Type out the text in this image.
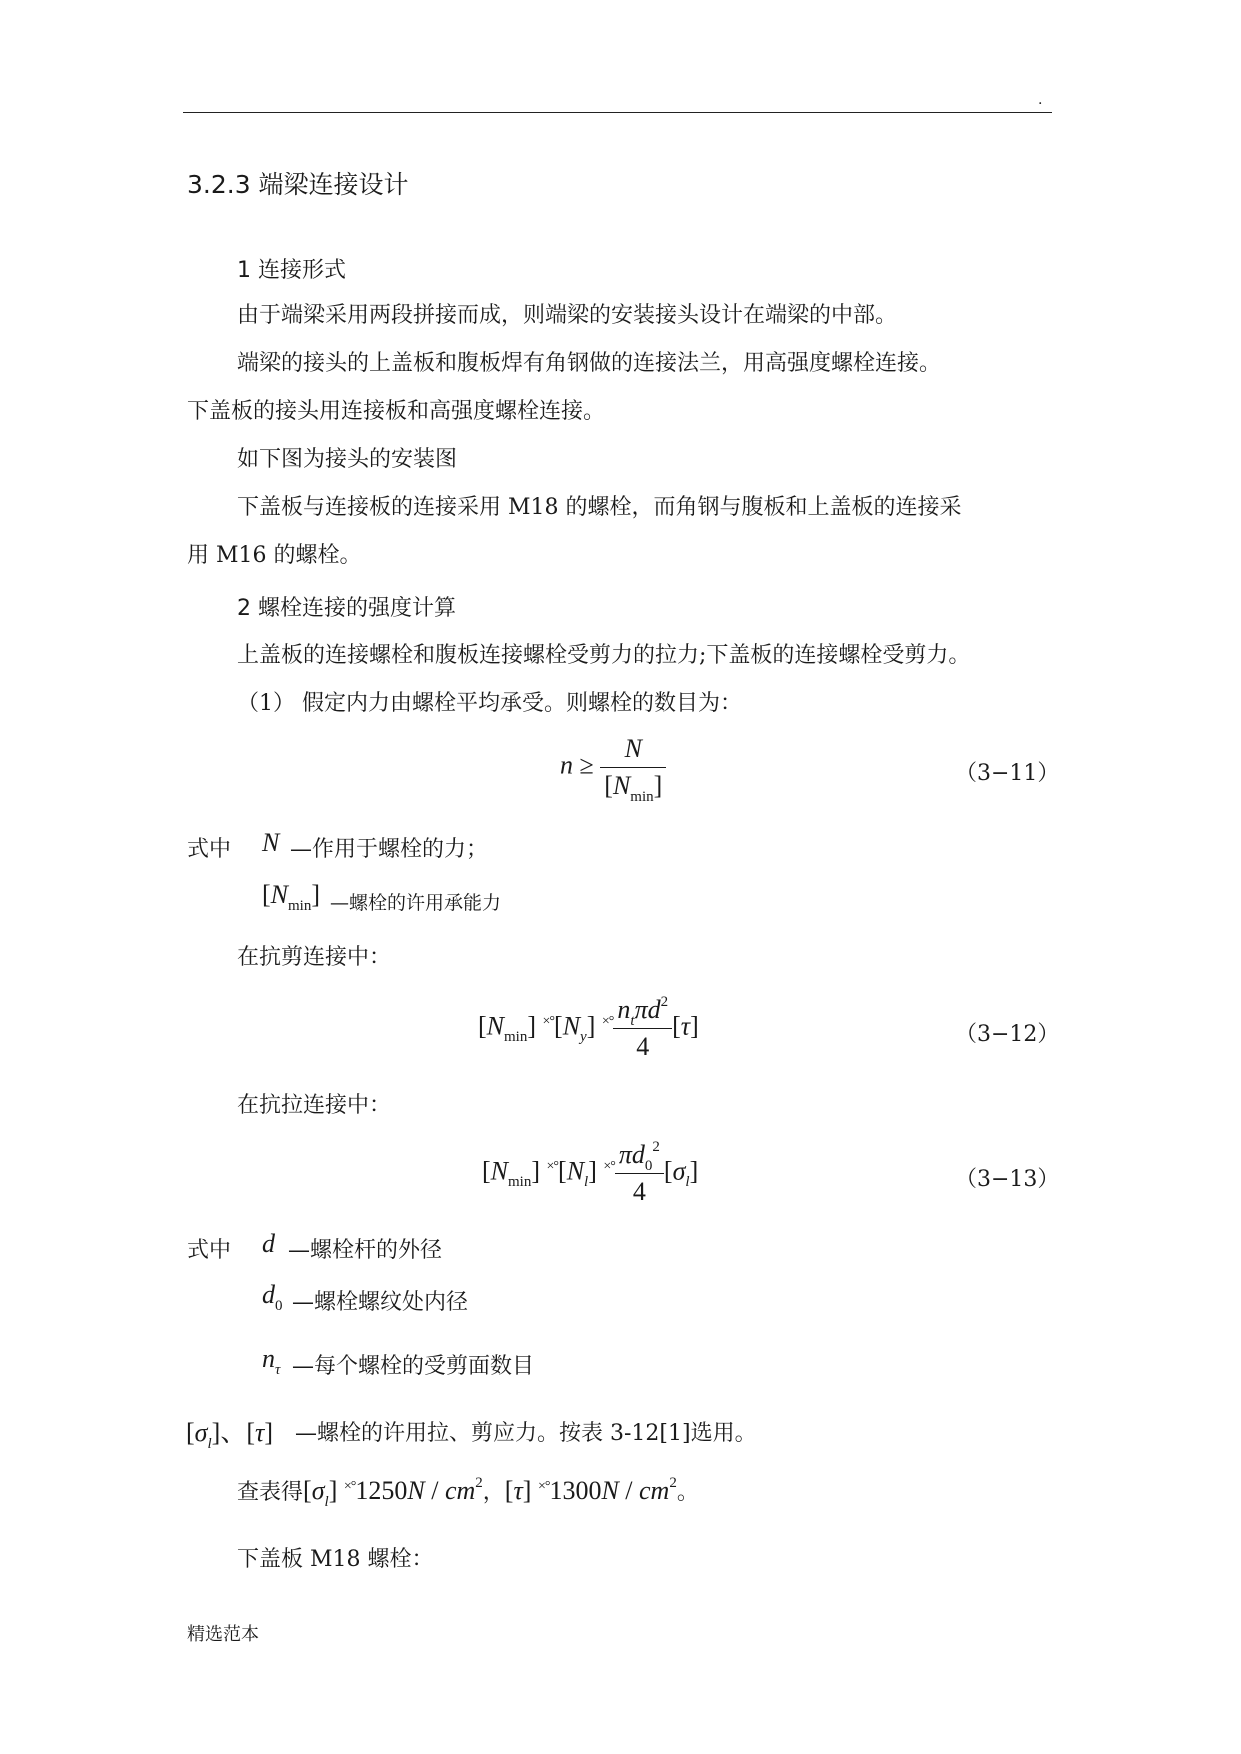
.
3.2.3 端梁连接设计
1 连接形式
由于端梁采用两段拼接而成，则端梁的安装接头设计在端梁的中部。
端梁的接头的上盖板和腹板焊有角钢做的连接法兰，用高强度螺栓连接。
下盖板的接头用连接板和高强度螺栓连接。
如下图为接头的安装图
下盖板与连接板的连接采用 M18 的螺栓，而角钢与腹板和上盖板的连接采
用 M16 的螺栓。
2 螺栓连接的强度计算
上盖板的连接螺栓和腹板连接螺栓受剪力的拉力;下盖板的连接螺栓受剪力。
（1） 假定内力由螺栓平均承受。则螺栓的数目为：
$n \ge \frac{N}{[N_{min}]}$	（3−11）
式中 N —作用于螺栓的力；
$[N_{min}]$ —螺栓的许用承能力
在抗剪连接中：
$[N_{min}]$ $^{\times^\circ}[N_y]$ $^{\times^\circ} \frac{n_t\pi d^2}{4} [\tau]$	（3−12）
在抗拉连接中：
$[N_{min}]$ $^{\times^\circ}[N_l]$ $^{\times^\circ} \frac{\pi d_0^2}{4} [\sigma_l]$	（3−13）
式中 d —螺栓杆的外径
$d_0$ —螺栓螺纹处内径
$n_\tau$ —每个螺栓的受剪面数目
$[\sigma_l]$、[τ] —螺栓的许用拉、剪应力。按表 3-12[1]选用。
查表得$[\sigma_l]$ $^{\times^\circ}1250N / cm^2$，[τ] $^{\times^\circ}1300N / cm^2$。
下盖板 M18 螺栓：
精选范本
